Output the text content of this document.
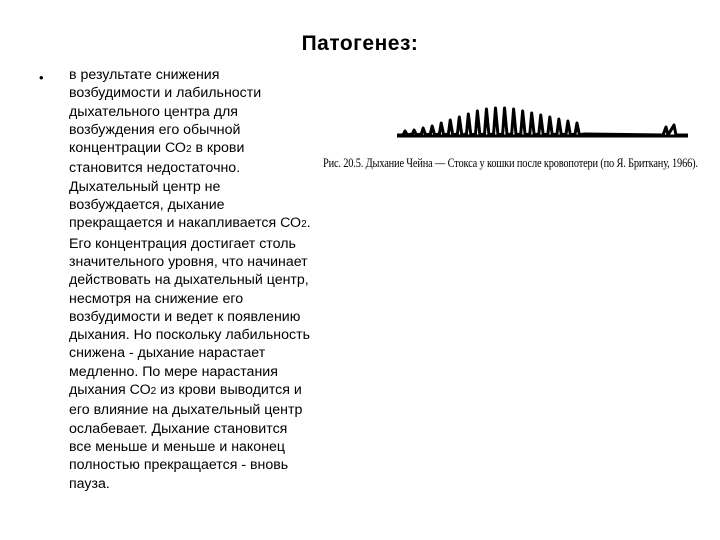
Патогенез:
• в результате снижения
возбудимости и лабильности
дыхательного центра для
возбуждения его обычной
концентрации СО2 в крови
становится недостаточно.
Дыхательный центр не
возбуждается, дыхание
прекращается и накапливается СО2.
Его концентрация достигает столь
значительного уровня, что начинает
действовать на дыхательный центр,
несмотря на снижение его
возбудимости и ведет к появлению
дыхания. Но поскольку лабильность
снижена - дыхание нарастает
медленно. По мере нарастания
дыхания СО2 из крови выводится и
его влияние на дыхательный центр
ослабевает. Дыхание становится
все меньше и меньше и наконец
полностью прекращается - вновь
пауза.
Рис. 20.5. Дыхание Чейна — Стокса у кошки после кровопотери (по Я. Бриткану, 1966).
